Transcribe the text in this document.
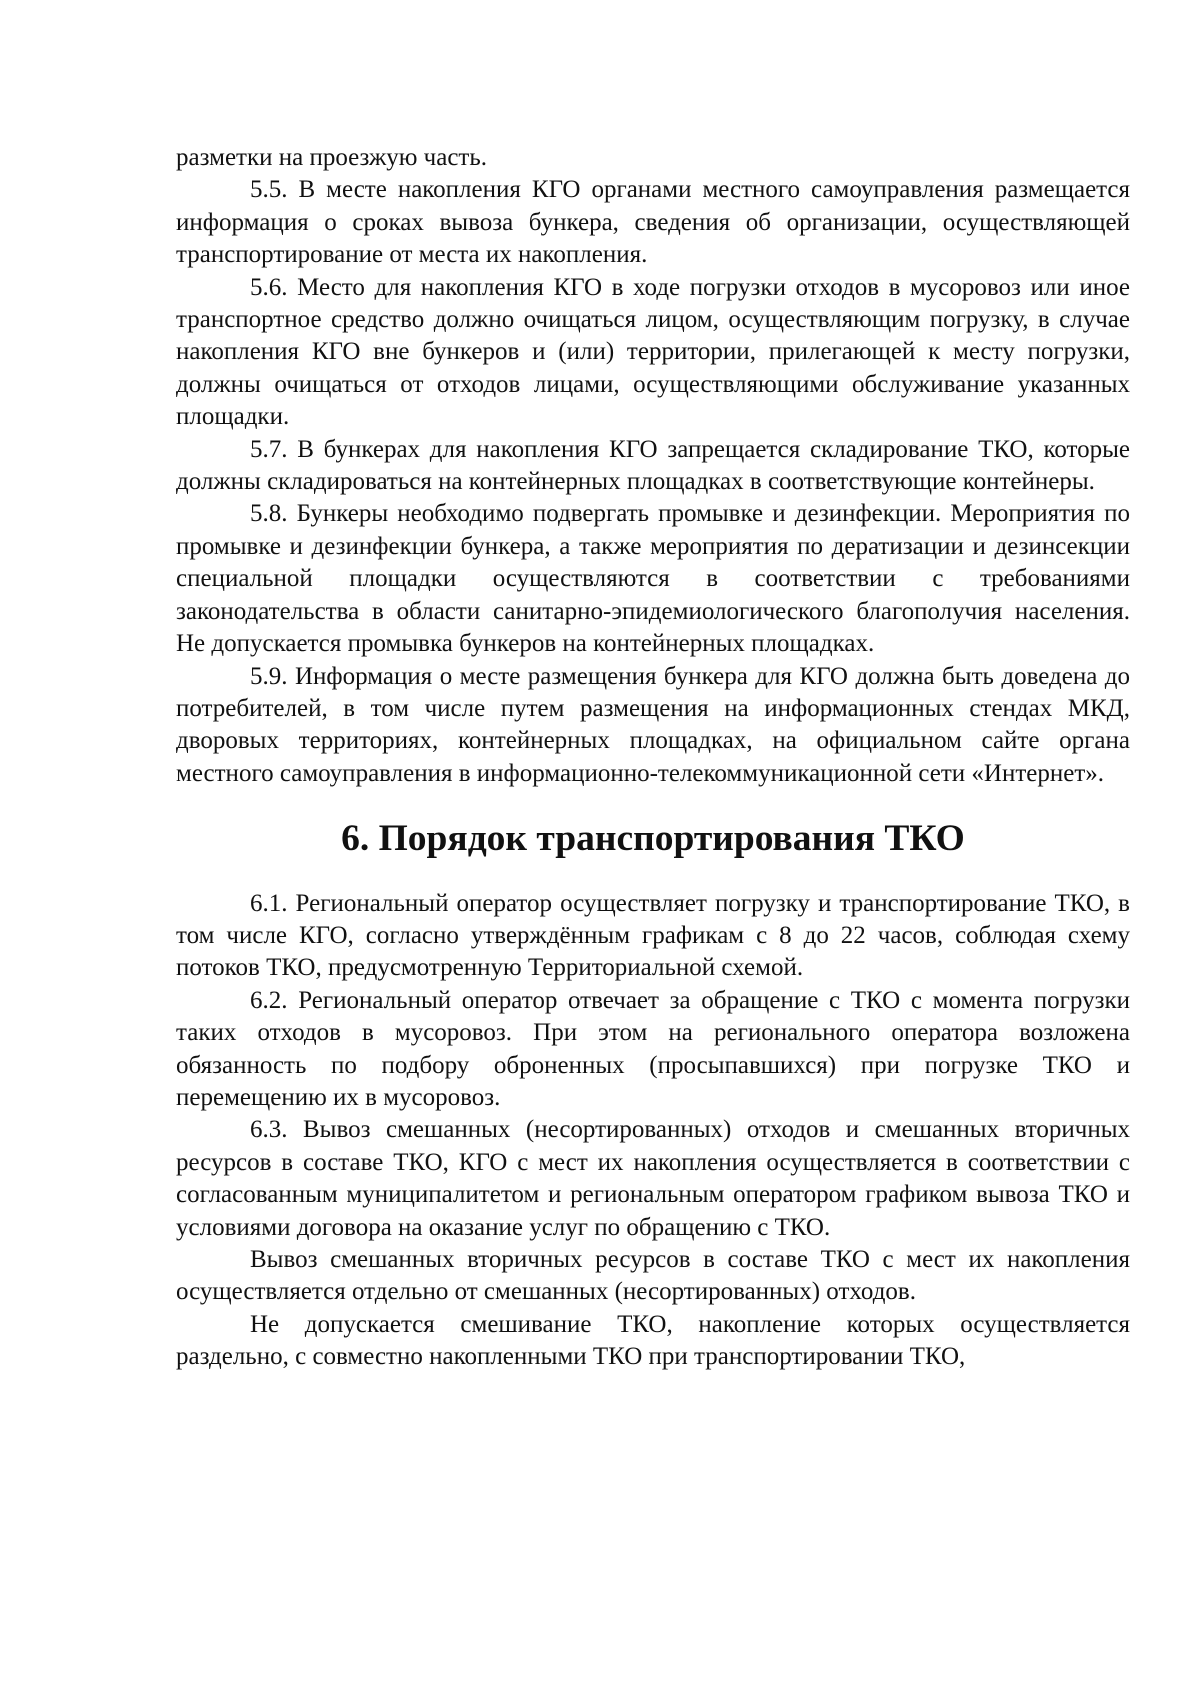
разметки на проезжую часть.

5.5. В месте накопления КГО органами местного самоуправления размещается информация о сроках вывоза бункера, сведения об организации, осуществляющей транспортирование от места их накопления.

5.6. Место для накопления КГО в ходе погрузки отходов в мусоровоз или иное транспортное средство должно очищаться лицом, осуществляющим погрузку, в случае накопления КГО вне бункеров и (или) территории, прилегающей к месту погрузки, должны очищаться от отходов лицами, осуществляющими обслуживание указанных площадки.

5.7. В бункерах для накопления КГО запрещается складирование ТКО, которые должны складироваться на контейнерных площадках в соответствующие контейнеры.

5.8. Бункеры необходимо подвергать промывке и дезинфекции. Мероприятия по промывке и дезинфекции бункера, а также мероприятия по дератизации и дезинсекции специальной площадки осуществляются в соответствии с требованиями законодательства в области санитарно-эпидемиологического благополучия населения. Не допускается промывка бункеров на контейнерных площадках.

5.9. Информация о месте размещения бункера для КГО должна быть доведена до потребителей, в том числе путем размещения на информационных стендах МКД, дворовых территориях, контейнерных площадках, на официальном сайте органа местного самоуправления в информационно-телекоммуникационной сети «Интернет».

6. Порядок транспортирования ТКО

6.1. Региональный оператор осуществляет погрузку и транспортирование ТКО, в том числе КГО, согласно утверждённым графикам с 8 до 22 часов, соблюдая схему потоков ТКО, предусмотренную Территориальной схемой.

6.2. Региональный оператор отвечает за обращение с ТКО с момента погрузки таких отходов в мусоровоз. При этом на регионального оператора возложена обязанность по подбору оброненных (просыпавшихся) при погрузке ТКО и перемещению их в мусоровоз.

6.3. Вывоз смешанных (несортированных) отходов и смешанных вторичных ресурсов в составе ТКО, КГО с мест их накопления осуществляется в соответствии с согласованным муниципалитетом и региональным оператором графиком вывоза ТКО и условиями договора на оказание услуг по обращению с ТКО.

Вывоз смешанных вторичных ресурсов в составе ТКО с мест их накопления осуществляется отдельно от смешанных (несортированных) отходов.

Не допускается смешивание ТКО, накопление которых осуществляется раздельно, с совместно накопленными ТКО при транспортировании ТКО,
